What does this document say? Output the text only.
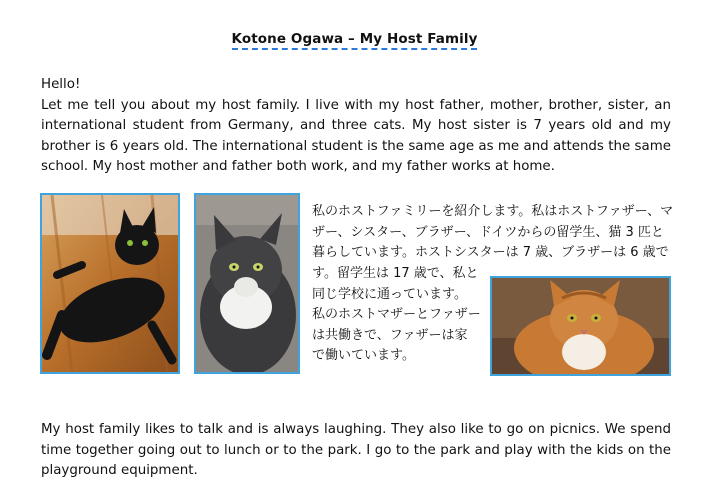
Kotone Ogawa – My Host Family

Hello!

Let me tell you about my host family. I live with my host father, mother, brother, sister, an international student from Germany, and three cats. My host sister is 7 years old and my brother is 6 years old. The international student is the same age as me and attends the same school. My host mother and father both work, and my father works at home.

私のホストファミリーを紹介します。私はホストファザー、マ
ザー、シスター、ブラザー、ドイツからの留学生、猫 3 匹と
暮らしています。ホストシスターは 7 歳、ブラザーは 6 歳で
す。留学生は 17 歳で、私と
同じ学校に通っています。
私のホストマザーとファザー
は共働きで、ファザーは家
で働いています。
My host family likes to talk and is always laughing. They also like to go on picnics. We spend time together going out to lunch or to the park. I go to the park and play with the kids on the playground equipment.
